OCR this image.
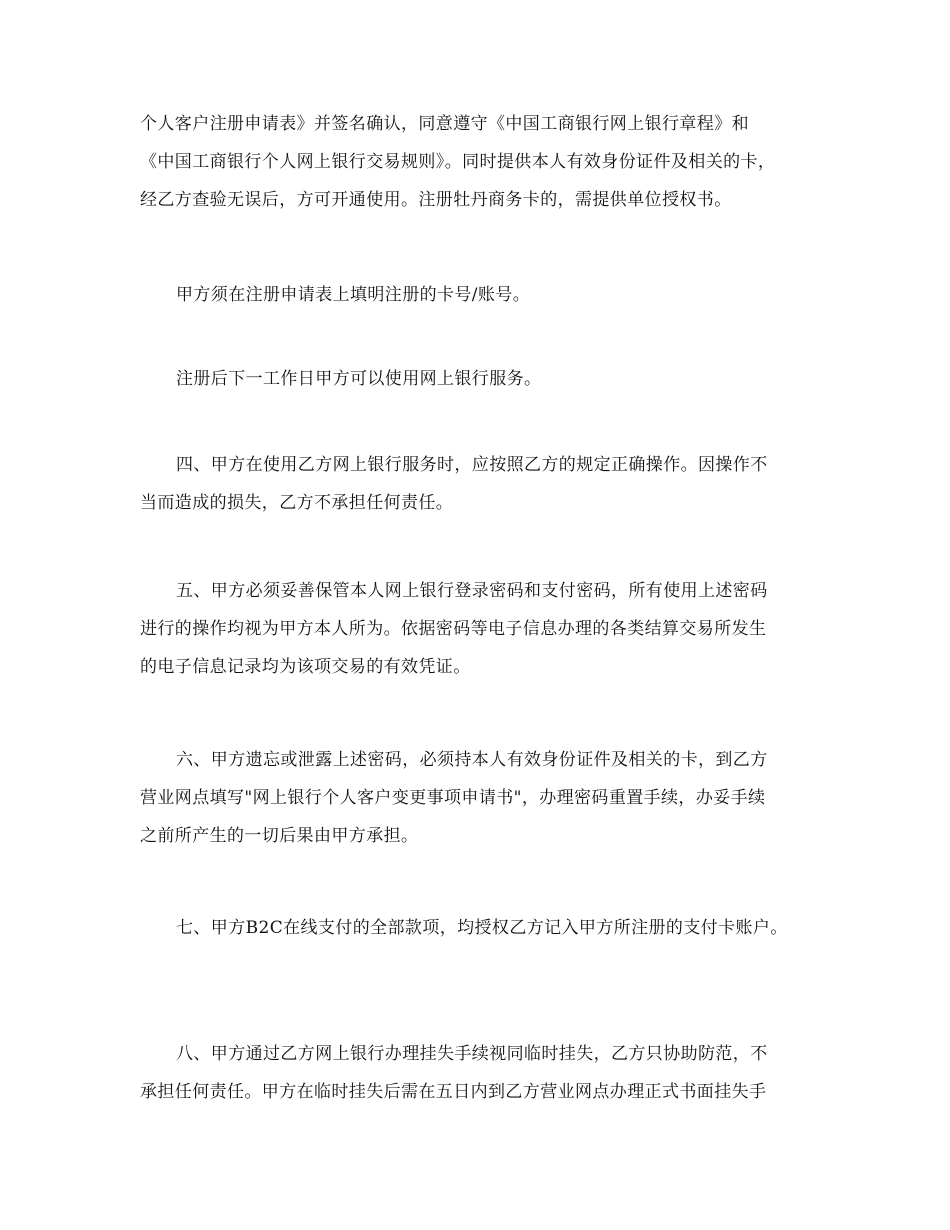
个人客户注册申请表》并签名确认，同意遵守《中国工商银行网上银行章程》和
《中国工商银行个人网上银行交易规则》。同时提供本人有效身份证件及相关的卡，
经乙方查验无误后，方可开通使用。注册牡丹商务卡的，需提供单位授权书。

甲方须在注册申请表上填明注册的卡号/账号。

注册后下一工作日甲方可以使用网上银行服务。

四、甲方在使用乙方网上银行服务时，应按照乙方的规定正确操作。因操作不
当而造成的损失，乙方不承担任何责任。

五、甲方必须妥善保管本人网上银行登录密码和支付密码，所有使用上述密码
进行的操作均视为甲方本人所为。依据密码等电子信息办理的各类结算交易所发生
的电子信息记录均为该项交易的有效凭证。

六、甲方遗忘或泄露上述密码，必须持本人有效身份证件及相关的卡，到乙方
营业网点填写"网上银行个人客户变更事项申请书"，办理密码重置手续，办妥手续
之前所产生的一切后果由甲方承担。

七、甲方B2C在线支付的全部款项，均授权乙方记入甲方所注册的支付卡账户。

八、甲方通过乙方网上银行办理挂失手续视同临时挂失，乙方只协助防范，不
承担任何责任。甲方在临时挂失后需在五日内到乙方营业网点办理正式书面挂失手
